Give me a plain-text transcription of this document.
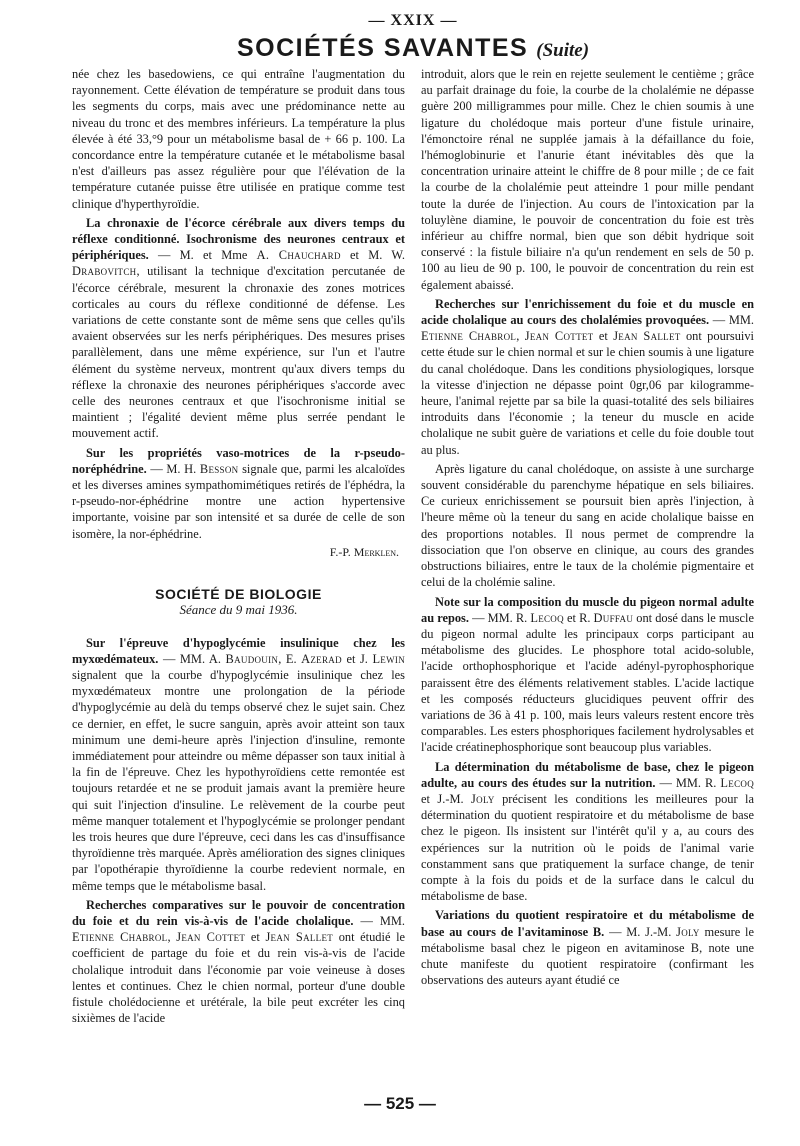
— XXIX —
SOCIÉTÉS SAVANTES (Suite)

née chez les basedowiens, ce qui entraîne l'augmentation du rayonnement. Cette élévation de température se produit dans tous les segments du corps, mais avec une prédominance nette au niveau du tronc et des membres inférieurs. La température la plus élevée à été 33,°9 pour un métabolisme basal de + 66 p. 100. La concordance entre la température cutanée et le métabolisme basal n'est d'ailleurs pas assez régulière pour que l'élévation de la température cutanée puisse être utilisée en pratique comme test clinique d'hyperthyroïdie.

La chronaxie de l'écorce cérébrale aux divers temps du réflexe conditionné. Isochronisme des neurones centraux et périphériques. — M. et Mme A. Chauchard et M. W. Drabovitch, utilisant la technique d'excitation percutanée de l'écorce cérébrale, mesurent la chronaxie des zones motrices corticales au cours du réflexe conditionné de défense. Les variations de cette constante sont de même sens que celles qu'ils avaient observées sur les nerfs périphériques. Des mesures prises parallèlement, dans une même expérience, sur l'un et l'autre élément du système nerveux, montrent qu'aux divers temps du réflexe la chronaxie des neurones périphériques s'accorde avec celle des neurones centraux et que l'isochronisme initial se maintient ; l'égalité devient même plus serrée pendant le mouvement actif.

Sur les propriétés vaso-motrices de la r-pseudo-noréphédrine. — M. H. Besson signale que, parmi les alcaloïdes et les diverses amines sympathomimétiques retirés de l'éphédra, la r-pseudo-nor-éphédrine montre une action hypertensive importante, voisine par son intensité et sa durée de celle de son isomère, la nor-éphédrine.

F.-P. Merklen.
SOCIÉTÉ DE BIOLOGIE
Séance du 9 mai 1936.

Sur l'épreuve d'hypoglycémie insulinique chez les myxœdémateux. — MM. A. Baudouin, E. Azerad et J. Lewin signalent que la courbe d'hypoglycémie insulinique chez les myxœdémateux montre une prolongation de la période d'hypoglycémie au delà du temps observé chez le sujet sain. Chez ce dernier, en effet, le sucre sanguin, après avoir atteint son taux minimum une demi-heure après l'injection d'insuline, remonte immédiatement pour atteindre ou même dépasser son taux initial à la fin de l'épreuve. Chez les hypothyroïdiens cette remontée est toujours retardée et ne se produit jamais avant la première heure qui suit l'injection d'insuline. Le relèvement de la courbe peut même manquer totalement et l'hypoglycémie se prolonger pendant les trois heures que dure l'épreuve, ceci dans les cas d'insuffisance thyroïdienne très marquée. Après amélioration des signes cliniques par l'opothérapie thyroïdienne la courbe redevient normale, en même temps que le métabolisme basal.

Recherches comparatives sur le pouvoir de concentration du foie et du rein vis-à-vis de l'acide cholalique. — MM. Etienne Chabrol, Jean Cottet et Jean Sallet ont étudié le coefficient de partage du foie et du rein vis-à-vis de l'acide cholalique introduit dans l'économie par voie veineuse à doses lentes et continues. Chez le chien normal, porteur d'une double fistule cholédocienne et urétérale, la bile peut excréter les cinq sixièmes de l'acide

introduit, alors que le rein en rejette seulement le centième ; grâce au parfait drainage du foie, la courbe de la cholalémie ne dépasse guère 200 milligrammes pour mille. Chez le chien soumis à une ligature du cholédoque mais porteur d'une fistule urinaire, l'émonctoire rénal ne supplée jamais à la défaillance du foie, l'hémoglobinurie et l'anurie étant inévitables dès que la concentration urinaire atteint le chiffre de 8 pour mille ; de ce fait la courbe de la cholalémie peut atteindre 1 pour mille pendant toute la durée de l'injection. Au cours de l'intoxication par la toluylène diamine, le pouvoir de concentration du foie est très inférieur au chiffre normal, bien que son débit hydrique soit conservé : la fistule biliaire n'a qu'un rendement en sels de 50 p. 100 au lieu de 90 p. 100, le pouvoir de concentration du rein est également abaissé.

Recherches sur l'enrichissement du foie et du muscle en acide cholalique au cours des cholalémies provoquées. — MM. Etienne Chabrol, Jean Cottet et Jean Sallet ont poursuivi cette étude sur le chien normal et sur le chien soumis à une ligature du canal cholédoque. Dans les conditions physiologiques, lorsque la vitesse d'injection ne dépasse point 0gr,06 par kilogramme-heure, l'animal rejette par sa bile la quasi-totalité des sels biliaires introduits dans l'économie ; la teneur du muscle en acide cholalique ne subit guère de variations et celle du foie double tout au plus.

Après ligature du canal cholédoque, on assiste à une surcharge souvent considérable du parenchyme hépatique en sels biliaires. Ce curieux enrichissement se poursuit bien après l'injection, à l'heure même où la teneur du sang en acide cholalique baisse en des proportions notables. Il nous permet de comprendre la dissociation que l'on observe en clinique, au cours des grandes obstructions biliaires, entre le taux de la cholémie pigmentaire et celui de la cholémie saline.

Note sur la composition du muscle du pigeon normal adulte au repos. — MM. R. Lecoq et R. Duffau ont dosé dans le muscle du pigeon normal adulte les principaux corps participant au métabolisme des glucides. Le phosphore total acido-soluble, l'acide orthophosphorique et l'acide adényl-pyrophosphorique paraissent être des éléments relativement stables. L'acide lactique et les composés réducteurs glucidiques peuvent offrir des variations de 36 à 41 p. 100, mais leurs valeurs restent encore très comparables. Les esters phosphoriques facilement hydrolysables et l'acide créatinephosphorique sont beaucoup plus variables.

La détermination du métabolisme de base, chez le pigeon adulte, au cours des études sur la nutrition. — MM. R. Lecoq et J.-M. Joly précisent les conditions les meilleures pour la détermination du quotient respiratoire et du métabolisme de base chez le pigeon. Ils insistent sur l'intérêt qu'il y a, au cours des expériences sur la nutrition où le poids de l'animal varie constamment sans que pratiquement la surface change, de tenir compte à la fois du poids et de la surface dans le calcul du métabolisme de base.

Variations du quotient respiratoire et du métabolisme de base au cours de l'avitaminose B. — M. J.-M. Joly mesure le métabolisme basal chez le pigeon en avitaminose B, note une chute manifeste du quotient respiratoire (confirmant les observations des auteurs ayant étudié ce

— 525 —
